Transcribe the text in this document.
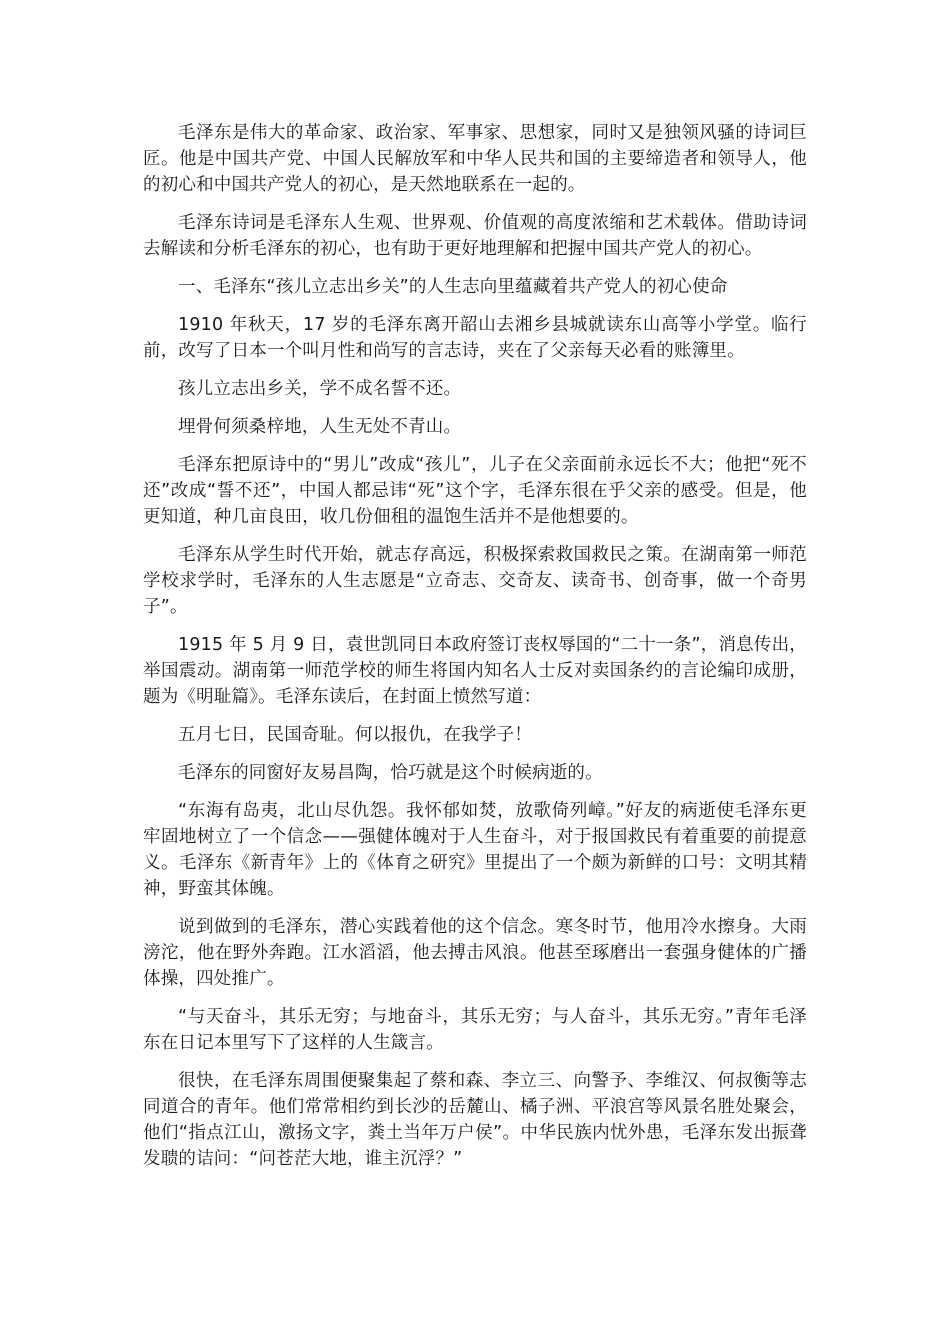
毛泽东是伟大的革命家、政治家、军事家、思想家，同时又是独领风骚的诗词巨匠。他是中国共产党、中国人民解放军和中华人民共和国的主要缔造者和领导人，他的初心和中国共产党人的初心，是天然地联系在一起的。

毛泽东诗词是毛泽东人生观、世界观、价值观的高度浓缩和艺术载体。借助诗词去解读和分析毛泽东的初心，也有助于更好地理解和把握中国共产党人的初心。

一、毛泽东“孩儿立志出乡关”的人生志向里蕴藏着共产党人的初心使命

1910 年秋天，17 岁的毛泽东离开韶山去湘乡县城就读东山高等小学堂。临行前，改写了日本一个叫月性和尚写的言志诗，夹在了父亲每天必看的账簿里。

孩儿立志出乡关，学不成名誓不还。

埋骨何须桑梓地，人生无处不青山。

毛泽东把原诗中的“男儿”改成“孩儿”，儿子在父亲面前永远长不大；他把“死不还”改成“誓不还”，中国人都忌讳“死”这个字，毛泽东很在乎父亲的感受。但是，他更知道，种几亩良田，收几份佃租的温饱生活并不是他想要的。

毛泽东从学生时代开始，就志存高远，积极探索救国救民之策。在湖南第一师范学校求学时，毛泽东的人生志愿是“立奇志、交奇友、读奇书、创奇事，做一个奇男子”。

1915 年 5 月 9 日，袁世凯同日本政府签订丧权辱国的“二十一条”，消息传出，举国震动。湖南第一师范学校的师生将国内知名人士反对卖国条约的言论编印成册，题为《明耻篇》。毛泽东读后，在封面上愤然写道：

五月七日，民国奇耻。何以报仇，在我学子！

毛泽东的同窗好友易昌陶，恰巧就是这个时候病逝的。

“东海有岛夷，北山尽仇怨。我怀郁如焚，放歌倚列嶂。”好友的病逝使毛泽东更牢固地树立了一个信念——强健体魄对于人生奋斗，对于报国救民有着重要的前提意义。毛泽东《新青年》上的《体育之研究》里提出了一个颇为新鲜的口号：文明其精神，野蛮其体魄。

说到做到的毛泽东，潜心实践着他的这个信念。寒冬时节，他用冷水擦身。大雨滂沱，他在野外奔跑。江水滔滔，他去搏击风浪。他甚至琢磨出一套强身健体的广播体操，四处推广。

“与天奋斗，其乐无穷；与地奋斗，其乐无穷；与人奋斗，其乐无穷。”青年毛泽东在日记本里写下了这样的人生箴言。

很快，在毛泽东周围便聚集起了蔡和森、李立三、向警予、李维汉、何叔衡等志同道合的青年。他们常常相约到长沙的岳麓山、橘子洲、平浪宫等风景名胜处聚会，他们“指点江山，激扬文字，粪土当年万户侯”。中华民族内忧外患，毛泽东发出振聋发聩的诘问：“问苍茫大地，谁主沉浮？”
